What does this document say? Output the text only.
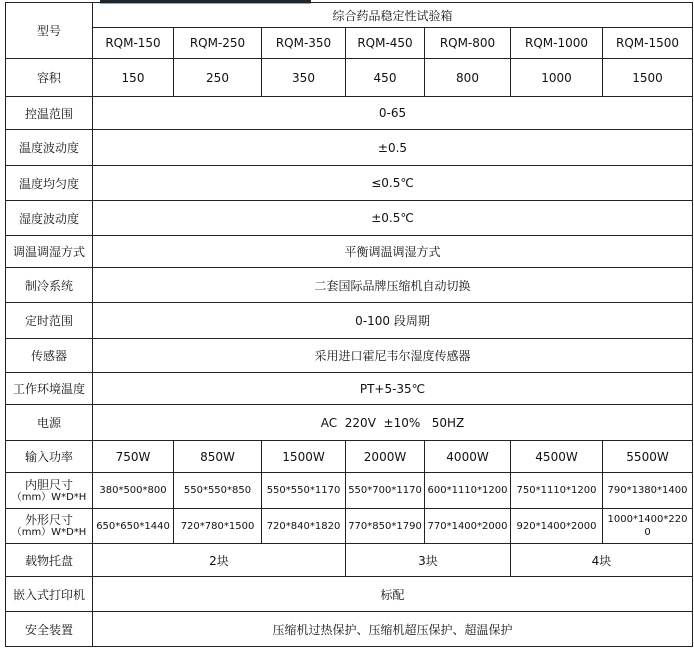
型号	综合药品稳定性试验箱						
	RQM-150	RQM-250	RQM-350	RQM-450	RQM-800	RQM-1000	RQM-1500
容积	150	250	350	450	800	1000	1500
控温范围	0-65						
温度波动度	±0.5						
温度均匀度	≤0.5℃						
湿度波动度	±0.5℃						
调温调湿方式	平衡调温调湿方式						
制冷系统	二套国际品牌压缩机自动切换						
定时范围	0-100 段周期						
传感器	采用进口霍尼韦尔湿度传感器						
工作环境温度	PT+5-35℃						
电源	AC  220V  ±10%   50HZ						
输入功率	750W	850W	1500W	2000W	4000W	4500W	5500W

内胆尺寸
（mm）W*D*H	380*500*800	550*550*850	550*550*1170	550*700*1170	600*1110*1200	750*1110*1200	790*1380*1400

外形尺寸
（mm）W*D*H	650*650*1440	720*780*1500	720*840*1820	770*850*1790	770*1400*2000	920*1400*2000	1000*1400*2200
载物托盘	2块			3块		4块	
嵌入式打印机	标配						
安全装置	压缩机过热保护、压缩机超压保护、超温保护						
